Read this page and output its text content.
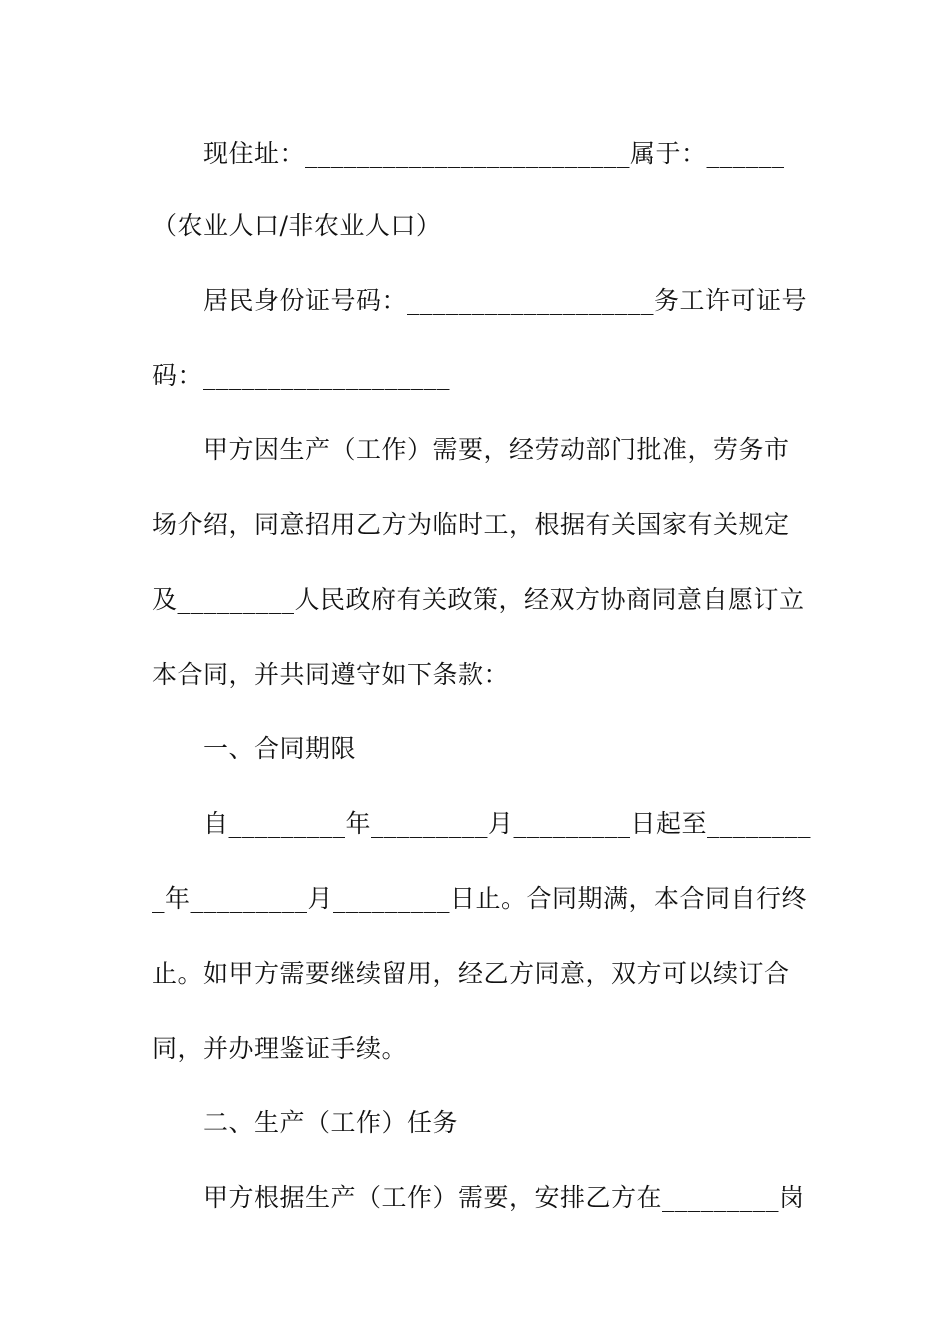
现住址：_________________________属于：______
（农业人口/非农业人口）
居民身份证号码：___________________务工许可证号
码：___________________
甲方因生产（工作）需要，经劳动部门批准，劳务市
场介绍，同意招用乙方为临时工，根据有关国家有关规定
及_________人民政府有关政策，经双方协商同意自愿订立
本合同，并共同遵守如下条款：
一、合同期限
自_________年_________月_________日起至________
_年_________月_________日止。合同期满，本合同自行终
止。如甲方需要继续留用，经乙方同意，双方可以续订合
同，并办理鉴证手续。
二、生产（工作）任务
甲方根据生产（工作）需要，安排乙方在_________岗
